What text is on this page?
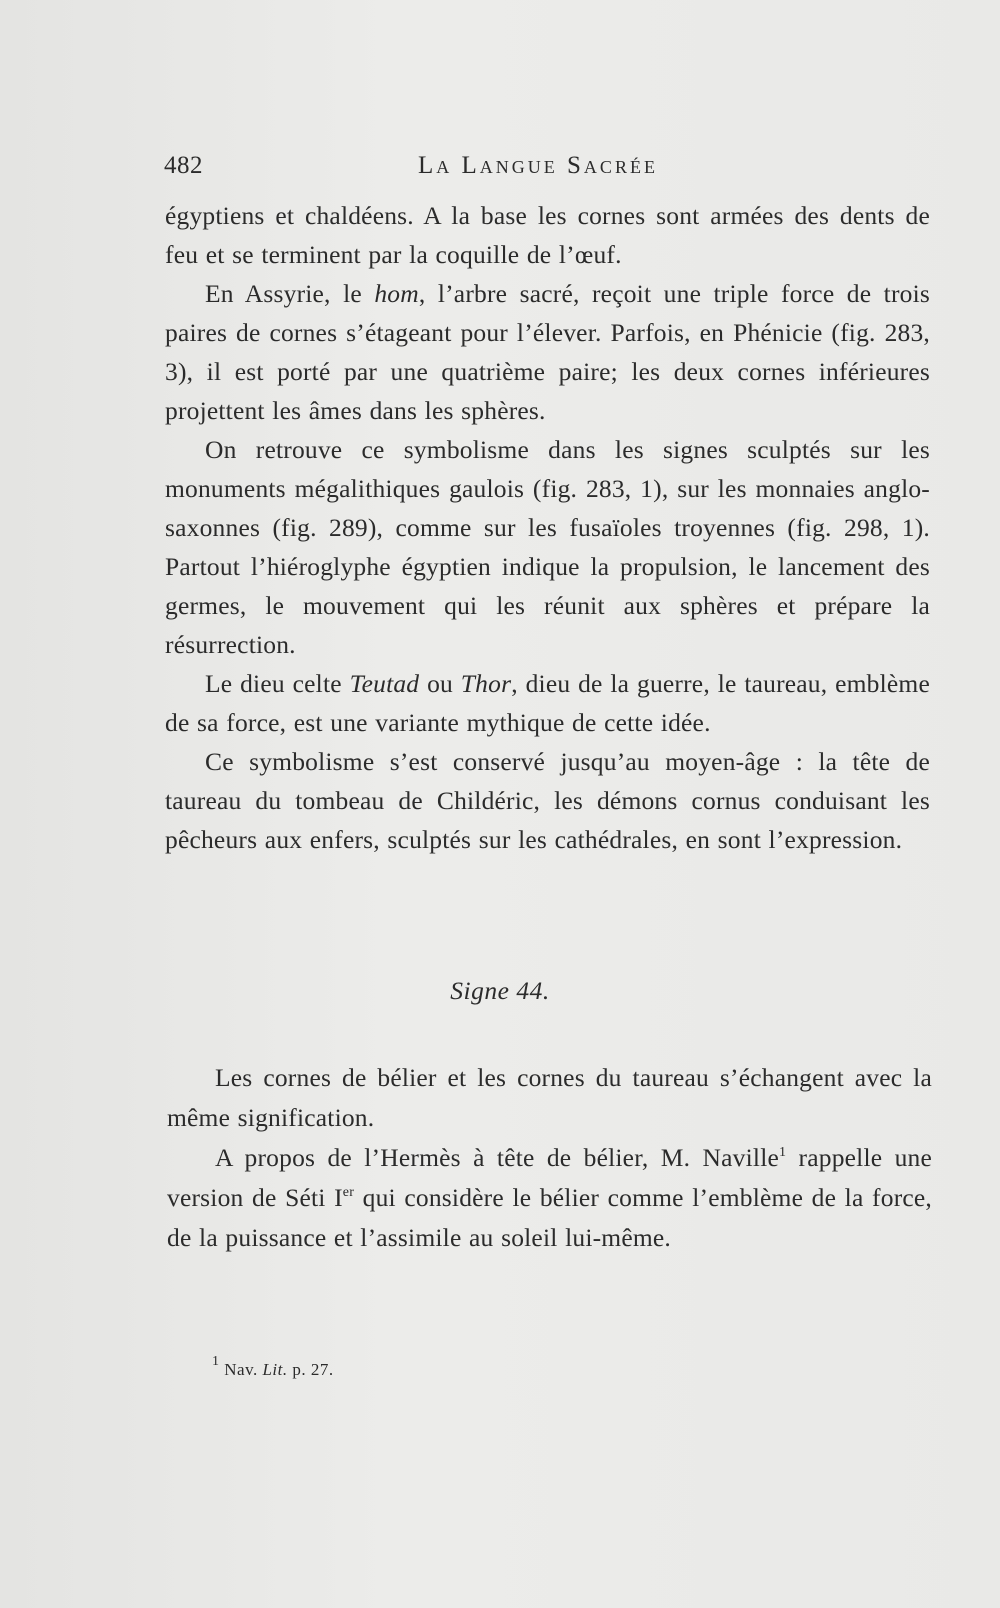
482	La Langue Sacrée

égyptiens et chaldéens. A la base les cornes sont armées des dents de feu et se terminent par la coquille de l’œuf.

En Assyrie, le hom, l’arbre sacré, reçoit une triple force de trois paires de cornes s’étageant pour l’élever. Parfois, en Phénicie (fig. 283, 3), il est porté par une quatrième paire; les deux cornes inférieures projettent les âmes dans les sphères.

On retrouve ce symbolisme dans les signes sculptés sur les monuments mégalithiques gaulois (fig. 283, 1), sur les monnaies anglo-saxonnes (fig. 289), comme sur les fusaïoles troyennes (fig. 298, 1). Partout l’hiéroglyphe égyptien indique la propulsion, le lancement des germes, le mouvement qui les réunit aux sphères et prépare la résurrection.

Le dieu celte Teutad ou Thor, dieu de la guerre, le taureau, emblème de sa force, est une variante mythique de cette idée.

Ce symbolisme s’est conservé jusqu’au moyen-âge : la tête de taureau du tombeau de Childéric, les démons cornus conduisant les pêcheurs aux enfers, sculptés sur les cathédrales, en sont l’expression.

Signe 44.

Les cornes de bélier et les cornes du taureau s’échangent avec la même signification.

A propos de l’Hermès à tête de bélier, M. Naville$^1$ rappelle une version de Séti Ier qui considère le bélier comme l’emblème de la force, de la puissance et l’assimile au soleil lui-même.

$^1$ Nav. Lit. p. 27.
